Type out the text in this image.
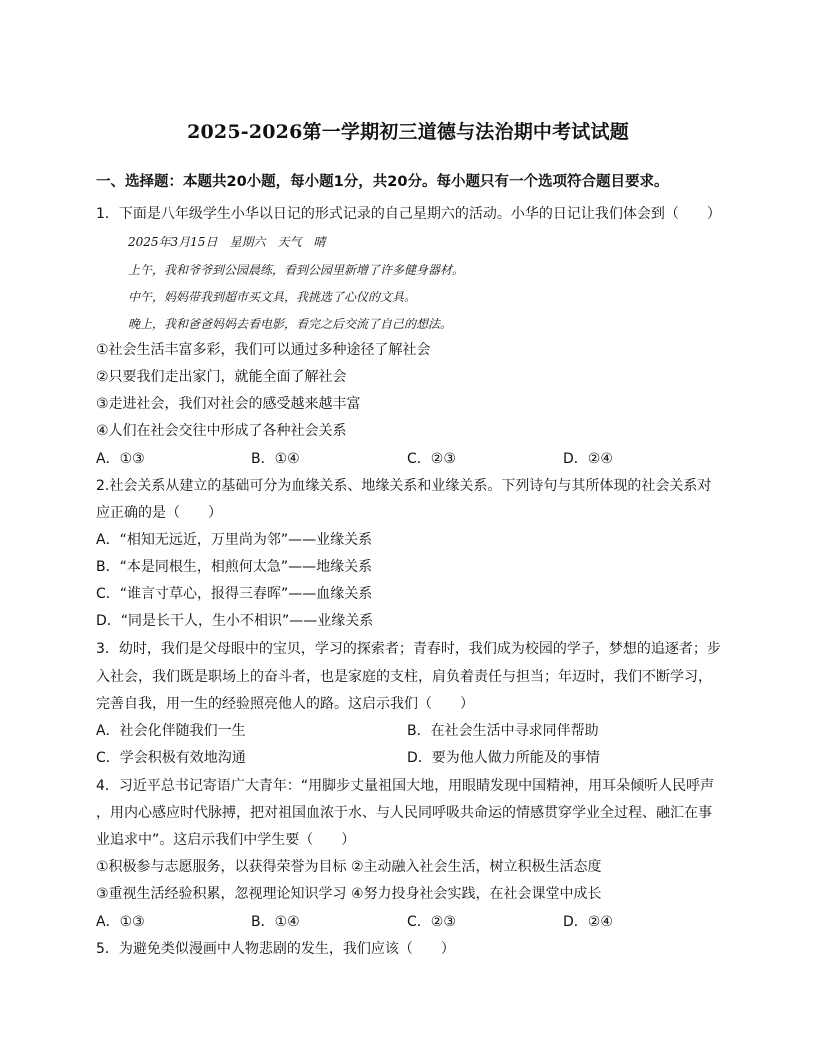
2025-2026第一学期初三道德与法治期中考试试题
一、选择题：本题共20小题，每小题1分，共20分。每小题只有一个选项符合题目要求。
1．下面是八年级学生小华以日记的形式记录的自己星期六的活动。小华的日记让我们体会到（　　）
2025年3月15日　星期六　天气　晴
上午，我和爷爷到公园晨练，看到公园里新增了许多健身器材。
中午，妈妈带我到超市买文具，我挑选了心仪的文具。
晚上，我和爸爸妈妈去看电影，看完之后交流了自己的想法。
①社会生活丰富多彩，我们可以通过多种途径了解社会
②只要我们走出家门，就能全面了解社会
③走进社会，我们对社会的感受越来越丰富
④人们在社会交往中形成了各种社会关系
A．①③	B．①④	C．②③	D．②④
2.社会关系从建立的基础可分为血缘关系、地缘关系和业缘关系。下列诗句与其所体现的社会关系对
应正确的是（　　）
A．“相知无远近，万里尚为邻”——业缘关系
B．“本是同根生，相煎何太急”——地缘关系
C．“谁言寸草心，报得三春晖”——血缘关系
D．“同是长干人，生小不相识”——业缘关系
3．幼时，我们是父母眼中的宝贝，学习的探索者；青春时，我们成为校园的学子，梦想的追逐者；步
入社会，我们既是职场上的奋斗者，也是家庭的支柱，肩负着责任与担当；年迈时，我们不断学习，
完善自我，用一生的经验照亮他人的路。这启示我们（　　）
A．社会化伴随我们一生	B．在社会生活中寻求同伴帮助
C．学会积极有效地沟通	D．要为他人做力所能及的事情
4．习近平总书记寄语广大青年：“用脚步丈量祖国大地，用眼睛发现中国精神，用耳朵倾听人民呼声
，用内心感应时代脉搏，把对祖国血浓于水、与人民同呼吸共命运的情感贯穿学业全过程、融汇在事
业追求中”。这启示我们中学生要（　　）
①积极参与志愿服务，以获得荣誉为目标 ②主动融入社会生活，树立积极生活态度
③重视生活经验积累，忽视理论知识学习 ④努力投身社会实践，在社会课堂中成长
A．①③	B．①④	C．②③	D．②④
5．为避免类似漫画中人物悲剧的发生，我们应该（　　）
